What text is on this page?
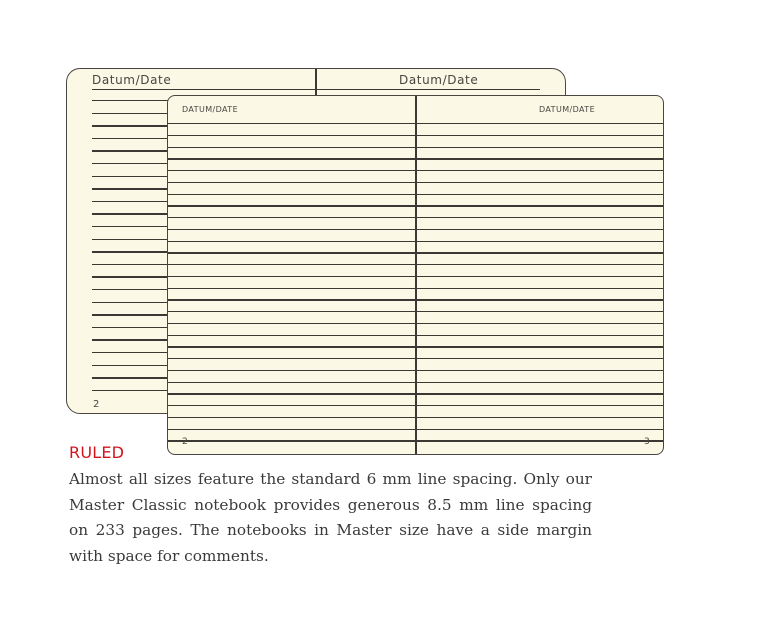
Datum/Date	Datum/Date
2
DATUM/DATE	DATUM/DATE
2	3
RULED

Almost all sizes feature the standard 6 mm line spacing. Only our Master Classic notebook provides generous 8.5 mm line spacing on 233 pages. The notebooks in Master size have a side margin with space for comments.
